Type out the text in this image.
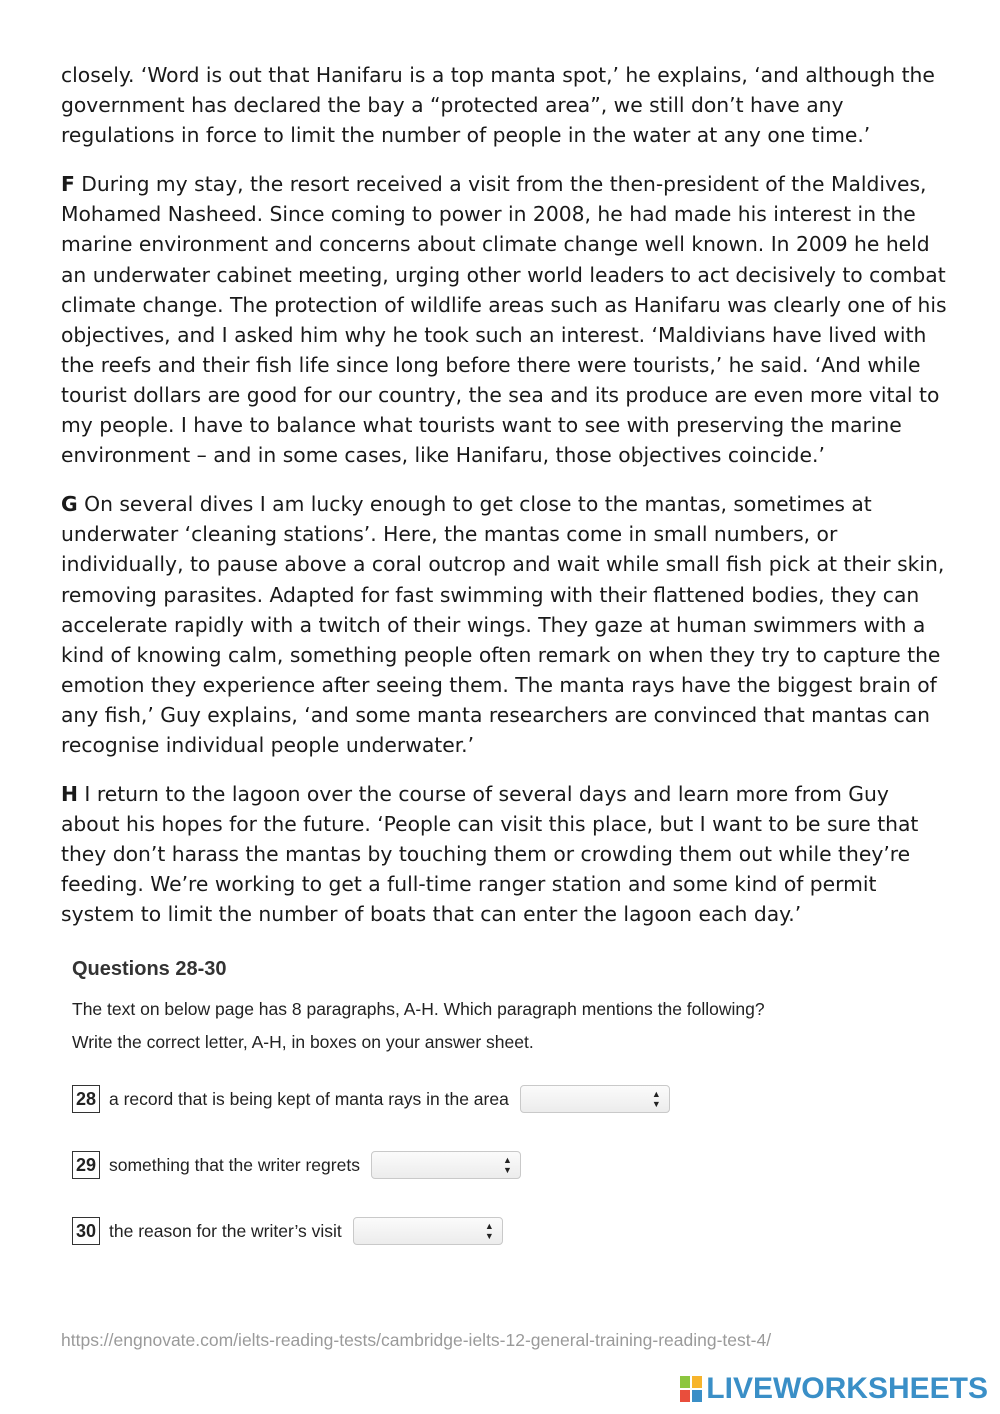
closely. ‘Word is out that Hanifaru is a top manta spot,’ he explains, ‘and although the government has declared the bay a “protected area”, we still don’t have any regulations in force to limit the number of people in the water at any one time.’

F During my stay, the resort received a visit from the then-president of the Maldives, Mohamed Nasheed. Since coming to power in 2008, he had made his interest in the marine environment and concerns about climate change well known. In 2009 he held an underwater cabinet meeting, urging other world leaders to act decisively to combat climate change. The protection of wildlife areas such as Hanifaru was clearly one of his objectives, and I asked him why he took such an interest. ‘Maldivians have lived with the reefs and their fish life since long before there were tourists,’ he said. ‘And while tourist dollars are good for our country, the sea and its produce are even more vital to my people. I have to balance what tourists want to see with preserving the marine environment – and in some cases, like Hanifaru, those objectives coincide.’

G On several dives I am lucky enough to get close to the mantas, sometimes at underwater ‘cleaning stations’. Here, the mantas come in small numbers, or individually, to pause above a coral outcrop and wait while small fish pick at their skin, removing parasites. Adapted for fast swimming with their flattened bodies, they can accelerate rapidly with a twitch of their wings. They gaze at human swimmers with a kind of knowing calm, something people often remark on when they try to capture the emotion they experience after seeing them. The manta rays have the biggest brain of any fish,’ Guy explains, ‘and some manta researchers are convinced that mantas can recognise individual people underwater.’

H I return to the lagoon over the course of several days and learn more from Guy about his hopes for the future. ‘People can visit this place, but I want to be sure that they don’t harass the mantas by touching them or crowding them out while they’re feeding. We’re working to get a full-time ranger station and some kind of permit system to limit the number of boats that can enter the lagoon each day.’

Questions 28-30
The text on below page has 8 paragraphs, A-H. Which paragraph mentions the following?
Write the correct letter, A-H, in boxes on your answer sheet.
28 a record that is being kept of manta rays in the area	▲
▼
29 something that the writer regrets	▲
▼
30 the reason for the writer’s visit	▲
▼
https://engnovate.com/ielts-reading-tests/cambridge-ielts-12-general-training-reading-test-4/
LIVEWORKSHEETS
